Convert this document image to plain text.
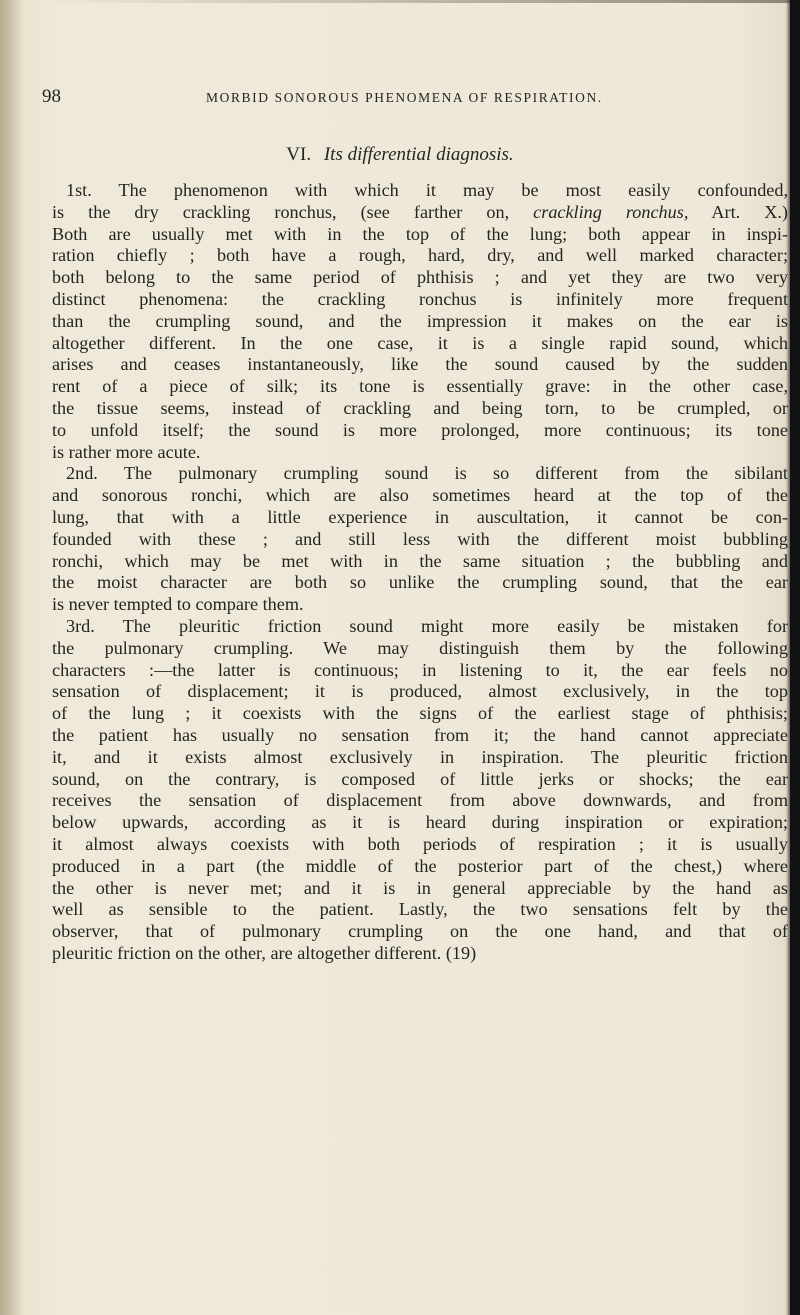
98	MORBID SONOROUS PHENOMENA OF RESPIRATION.
VI. Its differential diagnosis.
1st. The phenomenon with which it may be most easily confounded,
is the dry crackling ronchus, (see farther on, crackling ronchus, Art. X.)
Both are usually met with in the top of the lung; both appear in inspi-
ration chiefly ; both have a rough, hard, dry, and well marked character;
both belong to the same period of phthisis ; and yet they are two very
distinct phenomena: the crackling ronchus is infinitely more frequent
than the crumpling sound, and the impression it makes on the ear is
altogether different. In the one case, it is a single rapid sound, which
arises and ceases instantaneously, like the sound caused by the sudden
rent of a piece of silk; its tone is essentially grave: in the other case,
the tissue seems, instead of crackling and being torn, to be crumpled, or
to unfold itself; the sound is more prolonged, more continuous; its tone
is rather more acute.
2nd. The pulmonary crumpling sound is so different from the sibilant
and sonorous ronchi, which are also sometimes heard at the top of the
lung, that with a little experience in auscultation, it cannot be con-
founded with these ; and still less with the different moist bubbling
ronchi, which may be met with in the same situation ; the bubbling and
the moist character are both so unlike the crumpling sound, that the ear
is never tempted to compare them.
3rd. The pleuritic friction sound might more easily be mistaken for
the pulmonary crumpling. We may distinguish them by the following
characters :—the latter is continuous; in listening to it, the ear feels no
sensation of displacement; it is produced, almost exclusively, in the top
of the lung ; it coexists with the signs of the earliest stage of phthisis;
the patient has usually no sensation from it; the hand cannot appreciate
it, and it exists almost exclusively in inspiration. The pleuritic friction
sound, on the contrary, is composed of little jerks or shocks; the ear
receives the sensation of displacement from above downwards, and from
below upwards, according as it is heard during inspiration or expiration;
it almost always coexists with both periods of respiration ; it is usually
produced in a part (the middle of the posterior part of the chest,) where
the other is never met; and it is in general appreciable by the hand as
well as sensible to the patient. Lastly, the two sensations felt by the
observer, that of pulmonary crumpling on the one hand, and that of
pleuritic friction on the other, are altogether different. (19)
